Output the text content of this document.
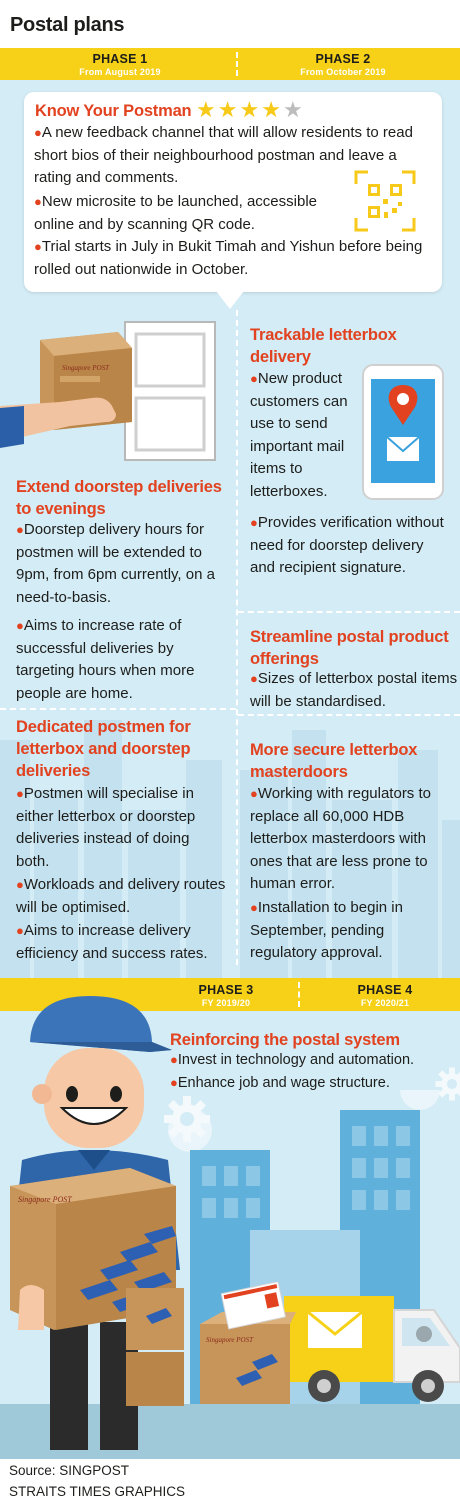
Postal plans
PHASE 1
From August 2019
PHASE 2
From October 2019
Know Your Postman ★★★★★
●A new feedback channel that will allow residents to read short bios of their neighbourhood postman and leave a rating and comments.
●New microsite to be launched, accessible online and by scanning QR code.
●Trial starts in July in Bukit Timah and Yishun before being rolled out nationwide in October.
Singapore POST
Trackable letterbox delivery
●New product customers can use to send important mail items to letterboxes.
●Provides verification without need for doorstep delivery and recipient signature.
Extend doorstep deliveries to evenings
●Doorstep delivery hours for postmen will be extended to 9pm, from 6pm currently, on a need-to-basis.
●Aims to increase rate of successful deliveries by targeting hours when more people are home.
Streamline postal product offerings
●Sizes of letterbox postal items will be standardised.
Dedicated postmen for letterbox and doorstep deliveries
●Postmen will specialise in either letterbox or doorstep deliveries instead of doing both.
●Workloads and delivery routes will be optimised.
●Aims to increase delivery efficiency and success rates.
More secure letterbox masterdoors
●Working with regulators to replace all 60,000 HDB letterbox masterdoors with ones that are less prone to human error.
●Installation to begin in September, pending regulatory approval.
PHASE 3
FY 2019/20
PHASE 4
FY 2020/21
Reinforcing the postal system
●Invest in technology and automation.
●Enhance job and wage structure.
Singapore POST
Singapore POST
Source: SINGPOST
STRAITS TIMES GRAPHICS
